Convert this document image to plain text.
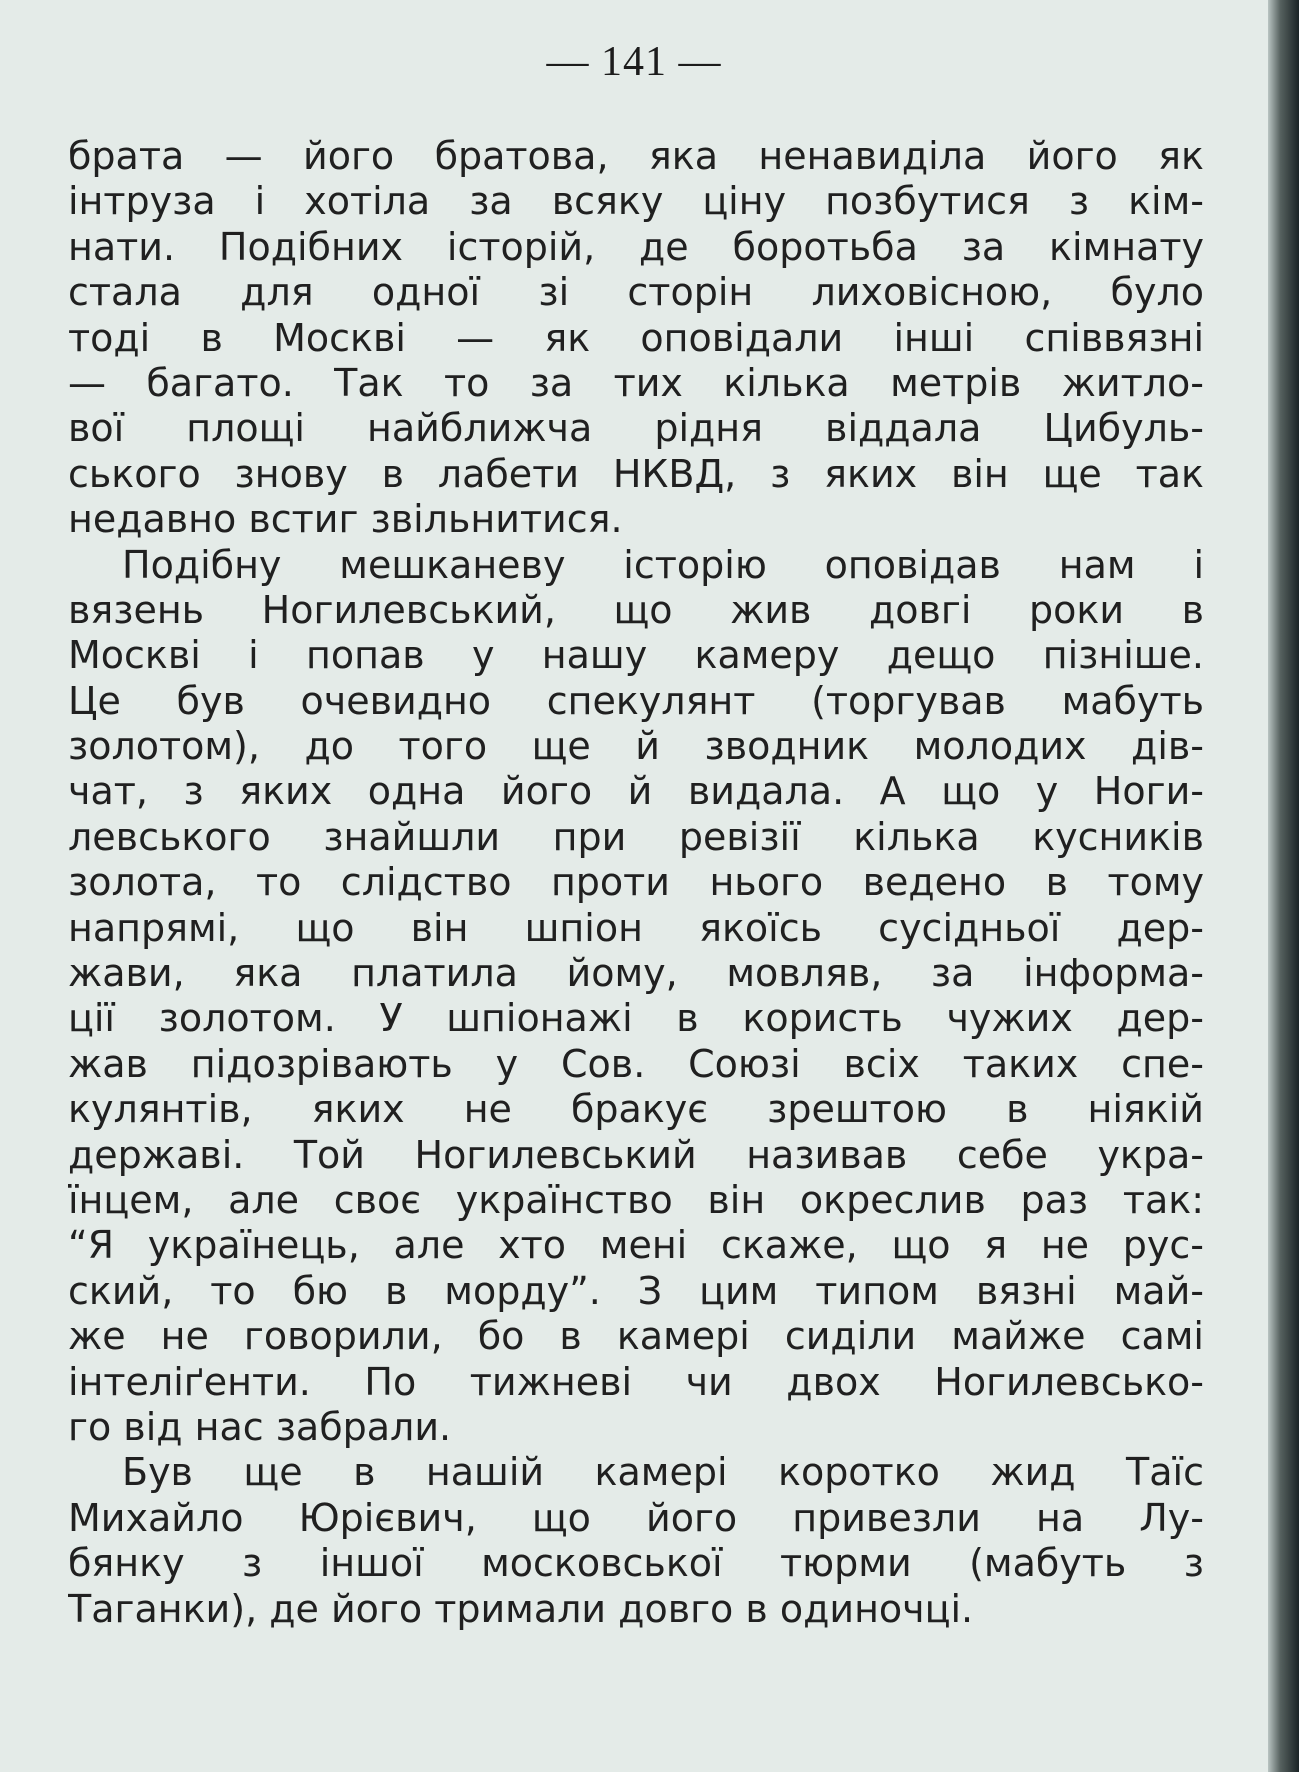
— 141 —
брата — його братова, яка ненавиділа його як
інтруза і хотіла за всяку ціну позбутися з кім-
нати. Подібних історій, де боротьба за кімнату
стала для одної зі сторін лиховісною, було
тоді в Москві — як оповідали інші співвязні
— багато. Так то за тих кілька метрів житло-
вої площі найближча рідня віддала Цибуль-
ського знову в лабети НКВД, з яких він ще так
недавно встиг звільнитися.
Подібну мешканеву історію оповідав нам і
вязень Ногилевський, що жив довгі роки в
Москві і попав у нашу камеру дещо пізніше.
Це був очевидно спекулянт (торгував мабуть
золотом), до того ще й зводник молодих дів-
чат, з яких одна його й видала. А що у Ноги-
левського знайшли при ревізії кілька кусників
золота, то слідство проти нього ведено в тому
напрямі, що він шпіон якоїсь сусідньої дер-
жави, яка платила йому, мовляв, за інформа-
ції золотом. У шпіонажі в користь чужих дер-
жав підозрівають у Сов. Союзі всіх таких спе-
кулянтів, яких не бракує зрештою в ніякій
державі. Той Ногилевський називав себе укра-
їнцем, але своє українство він окреслив раз так:
“Я українець, але хто мені скаже, що я не рус-
ский, то бю в морду”. З цим типом вязні май-
же не говорили, бо в камері сиділи майже самі
інтеліґенти. По тижневі чи двох Ногилевсько-
го від нас забрали.
Був ще в нашій камері коротко жид Таїс
Михайло Юрієвич, що його привезли на Лу-
бянку з іншої московської тюрми (мабуть з
Таганки), де його тримали довго в одиночці.
